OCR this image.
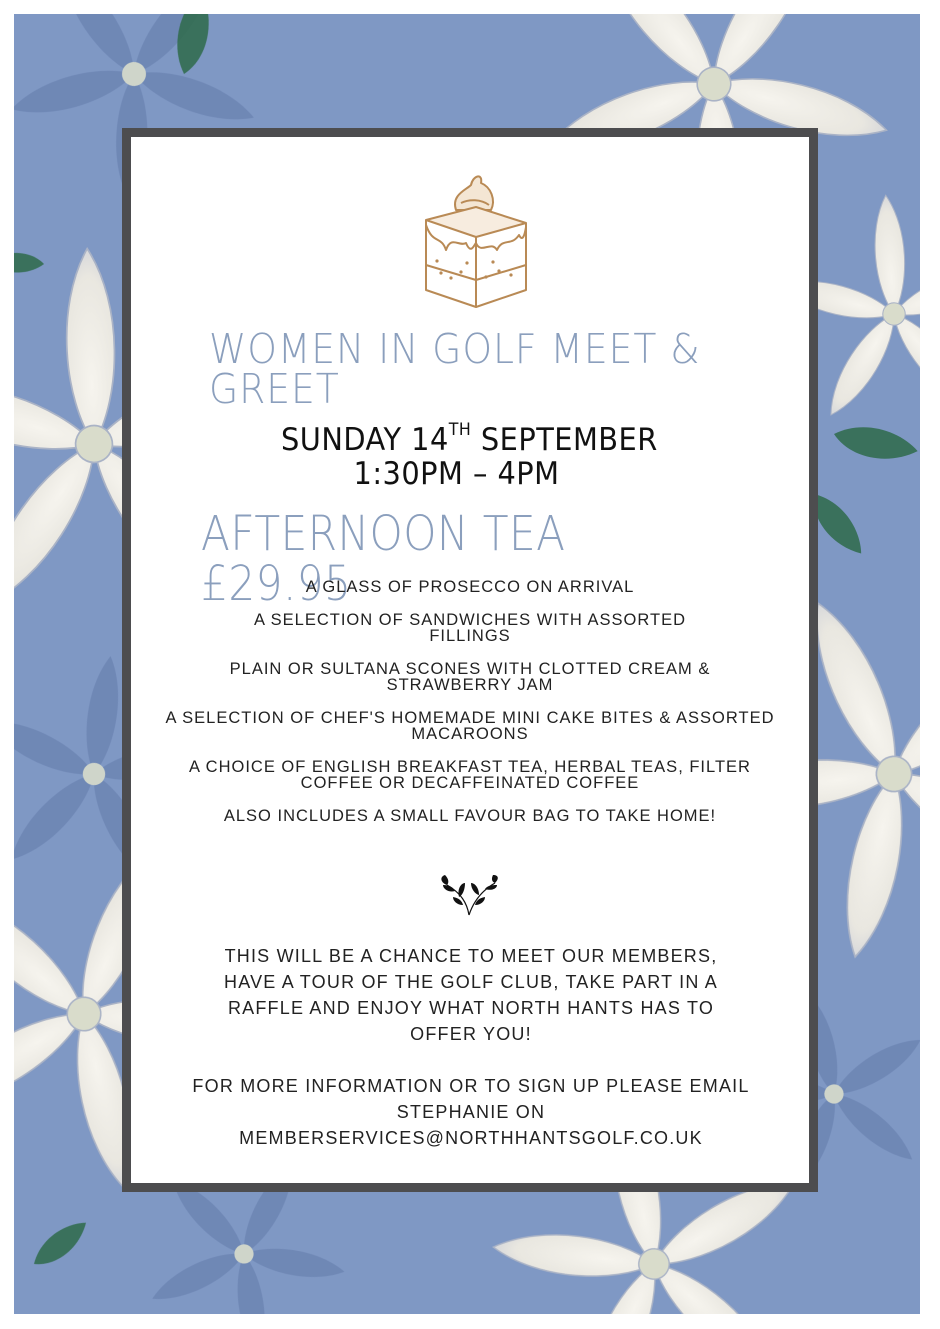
WOMEN IN GOLF MEET & GREET
SUNDAY 14TH SEPTEMBER
1:30PM – 4PM
AFTERNOON TEA £29.95
A GLASS OF PROSECCO ON ARRIVAL
A SELECTION OF SANDWICHES WITH ASSORTED FILLINGS
PLAIN OR SULTANA SCONES WITH CLOTTED CREAM & STRAWBERRY JAM
A SELECTION OF CHEF'S HOMEMADE MINI CAKE BITES & ASSORTED MACAROONS
A CHOICE OF ENGLISH BREAKFAST TEA, HERBAL TEAS, FILTER COFFEE OR DECAFFEINATED COFFEE
ALSO INCLUDES A SMALL FAVOUR BAG TO TAKE HOME!
THIS WILL BE A CHANCE TO MEET OUR MEMBERS, HAVE A TOUR OF THE GOLF CLUB, TAKE PART IN A RAFFLE AND ENJOY WHAT NORTH HANTS HAS TO OFFER YOU!
FOR MORE INFORMATION OR TO SIGN UP PLEASE EMAIL STEPHANIE ON
MEMBERSERVICES@NORTHHANTSGOLF.CO.UK
